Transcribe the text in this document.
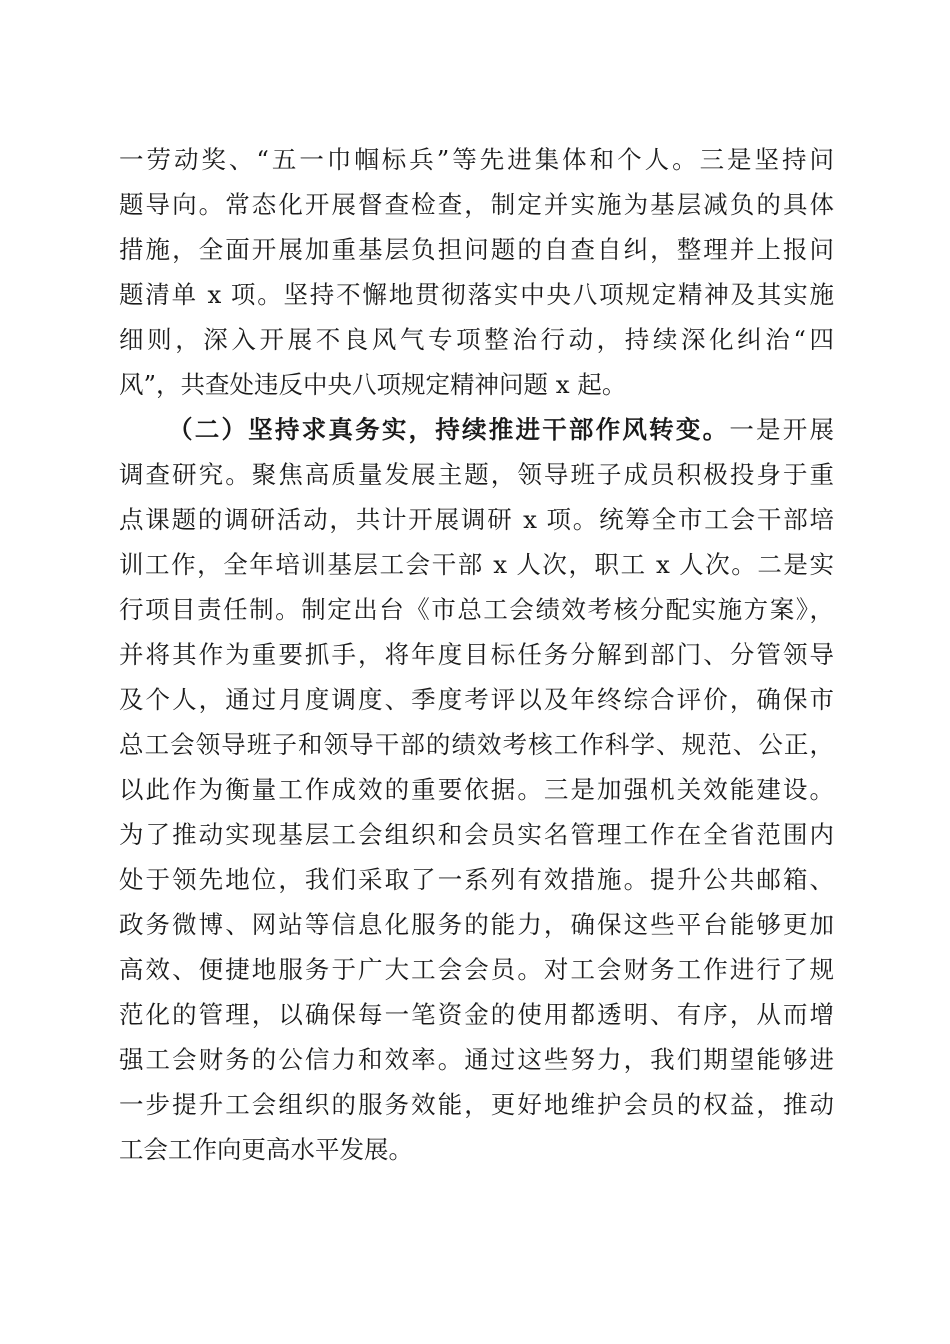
一劳动奖、“五一巾帼标兵”等先进集体和个人。三是坚持问
题导向。常态化开展督查检查，制定并实施为基层减负的具体
措施，全面开展加重基层负担问题的自查自纠，整理并上报问
题清单 x 项。坚持不懈地贯彻落实中央八项规定精神及其实施
细则，深入开展不良风气专项整治行动，持续深化纠治“四
风”，共查处违反中央八项规定精神问题 x 起。
（二）坚持求真务实，持续推进干部作风转变。一是开展
调查研究。聚焦高质量发展主题，领导班子成员积极投身于重
点课题的调研活动，共计开展调研 x 项。统筹全市工会干部培
训工作，全年培训基层工会干部 x 人次，职工 x 人次。二是实
行项目责任制。制定出台《市总工会绩效考核分配实施方案》，
并将其作为重要抓手，将年度目标任务分解到部门、分管领导
及个人，通过月度调度、季度考评以及年终综合评价，确保市
总工会领导班子和领导干部的绩效考核工作科学、规范、公正，
以此作为衡量工作成效的重要依据。三是加强机关效能建设。
为了推动实现基层工会组织和会员实名管理工作在全省范围内
处于领先地位，我们采取了一系列有效措施。提升公共邮箱、
政务微博、网站等信息化服务的能力，确保这些平台能够更加
高效、便捷地服务于广大工会会员。对工会财务工作进行了规
范化的管理，以确保每一笔资金的使用都透明、有序，从而增
强工会财务的公信力和效率。通过这些努力，我们期望能够进
一步提升工会组织的服务效能，更好地维护会员的权益，推动
工会工作向更高水平发展。
